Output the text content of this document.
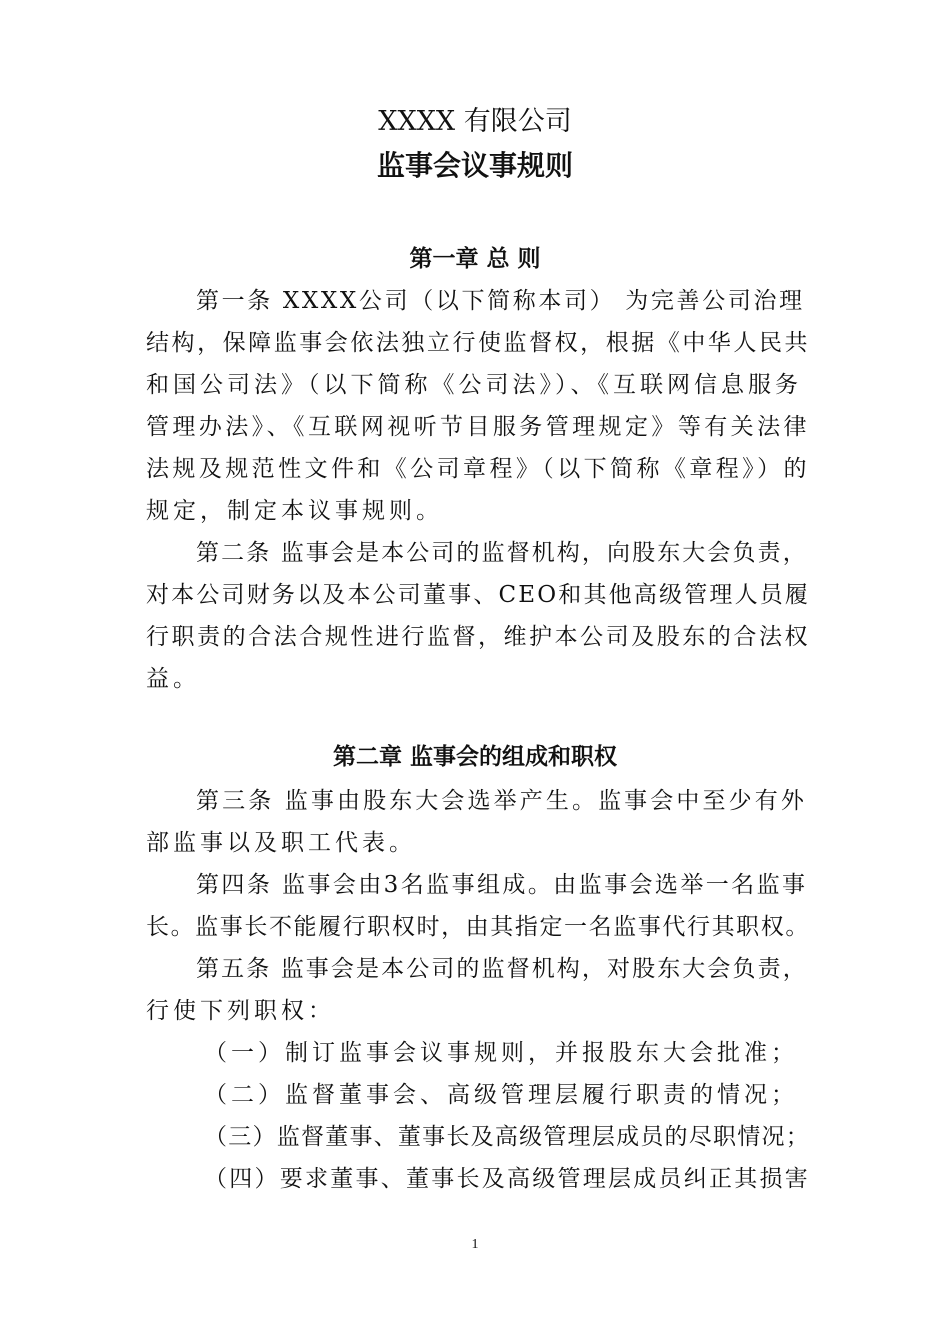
XXXX 有限公司
监事会议事规则
第一章 总 则
第一条 XXXX公司（以下简称本司） 为完善公司治理
结构，保障监事会依法独立行使监督权，根据《中华人民共
和国公司法》（以下简称《公司法》）、《互联网信息服务
管理办法》、《互联网视听节目服务管理规定》等有关法律
法规及规范性文件和《公司章程》（以下简称《章程》）的
规定，制定本议事规则。
第二条 监事会是本公司的监督机构，向股东大会负责，
对本公司财务以及本公司董事、CEO和其他高级管理人员履
行职责的合法合规性进行监督，维护本公司及股东的合法权
益。
第二章 监事会的组成和职权
第三条 监事由股东大会选举产生。监事会中至少有外
部监事以及职工代表。
第四条 监事会由3名监事组成。由监事会选举一名监事
长。监事长不能履行职权时，由其指定一名监事代行其职权。
第五条 监事会是本公司的监督机构，对股东大会负责，
行使下列职权：
（一）制订监事会议事规则，并报股东大会批准；
（二）监督董事会、高级管理层履行职责的情况；
（三）监督董事、董事长及高级管理层成员的尽职情况；
（四）要求董事、董事长及高级管理层成员纠正其损害
1
